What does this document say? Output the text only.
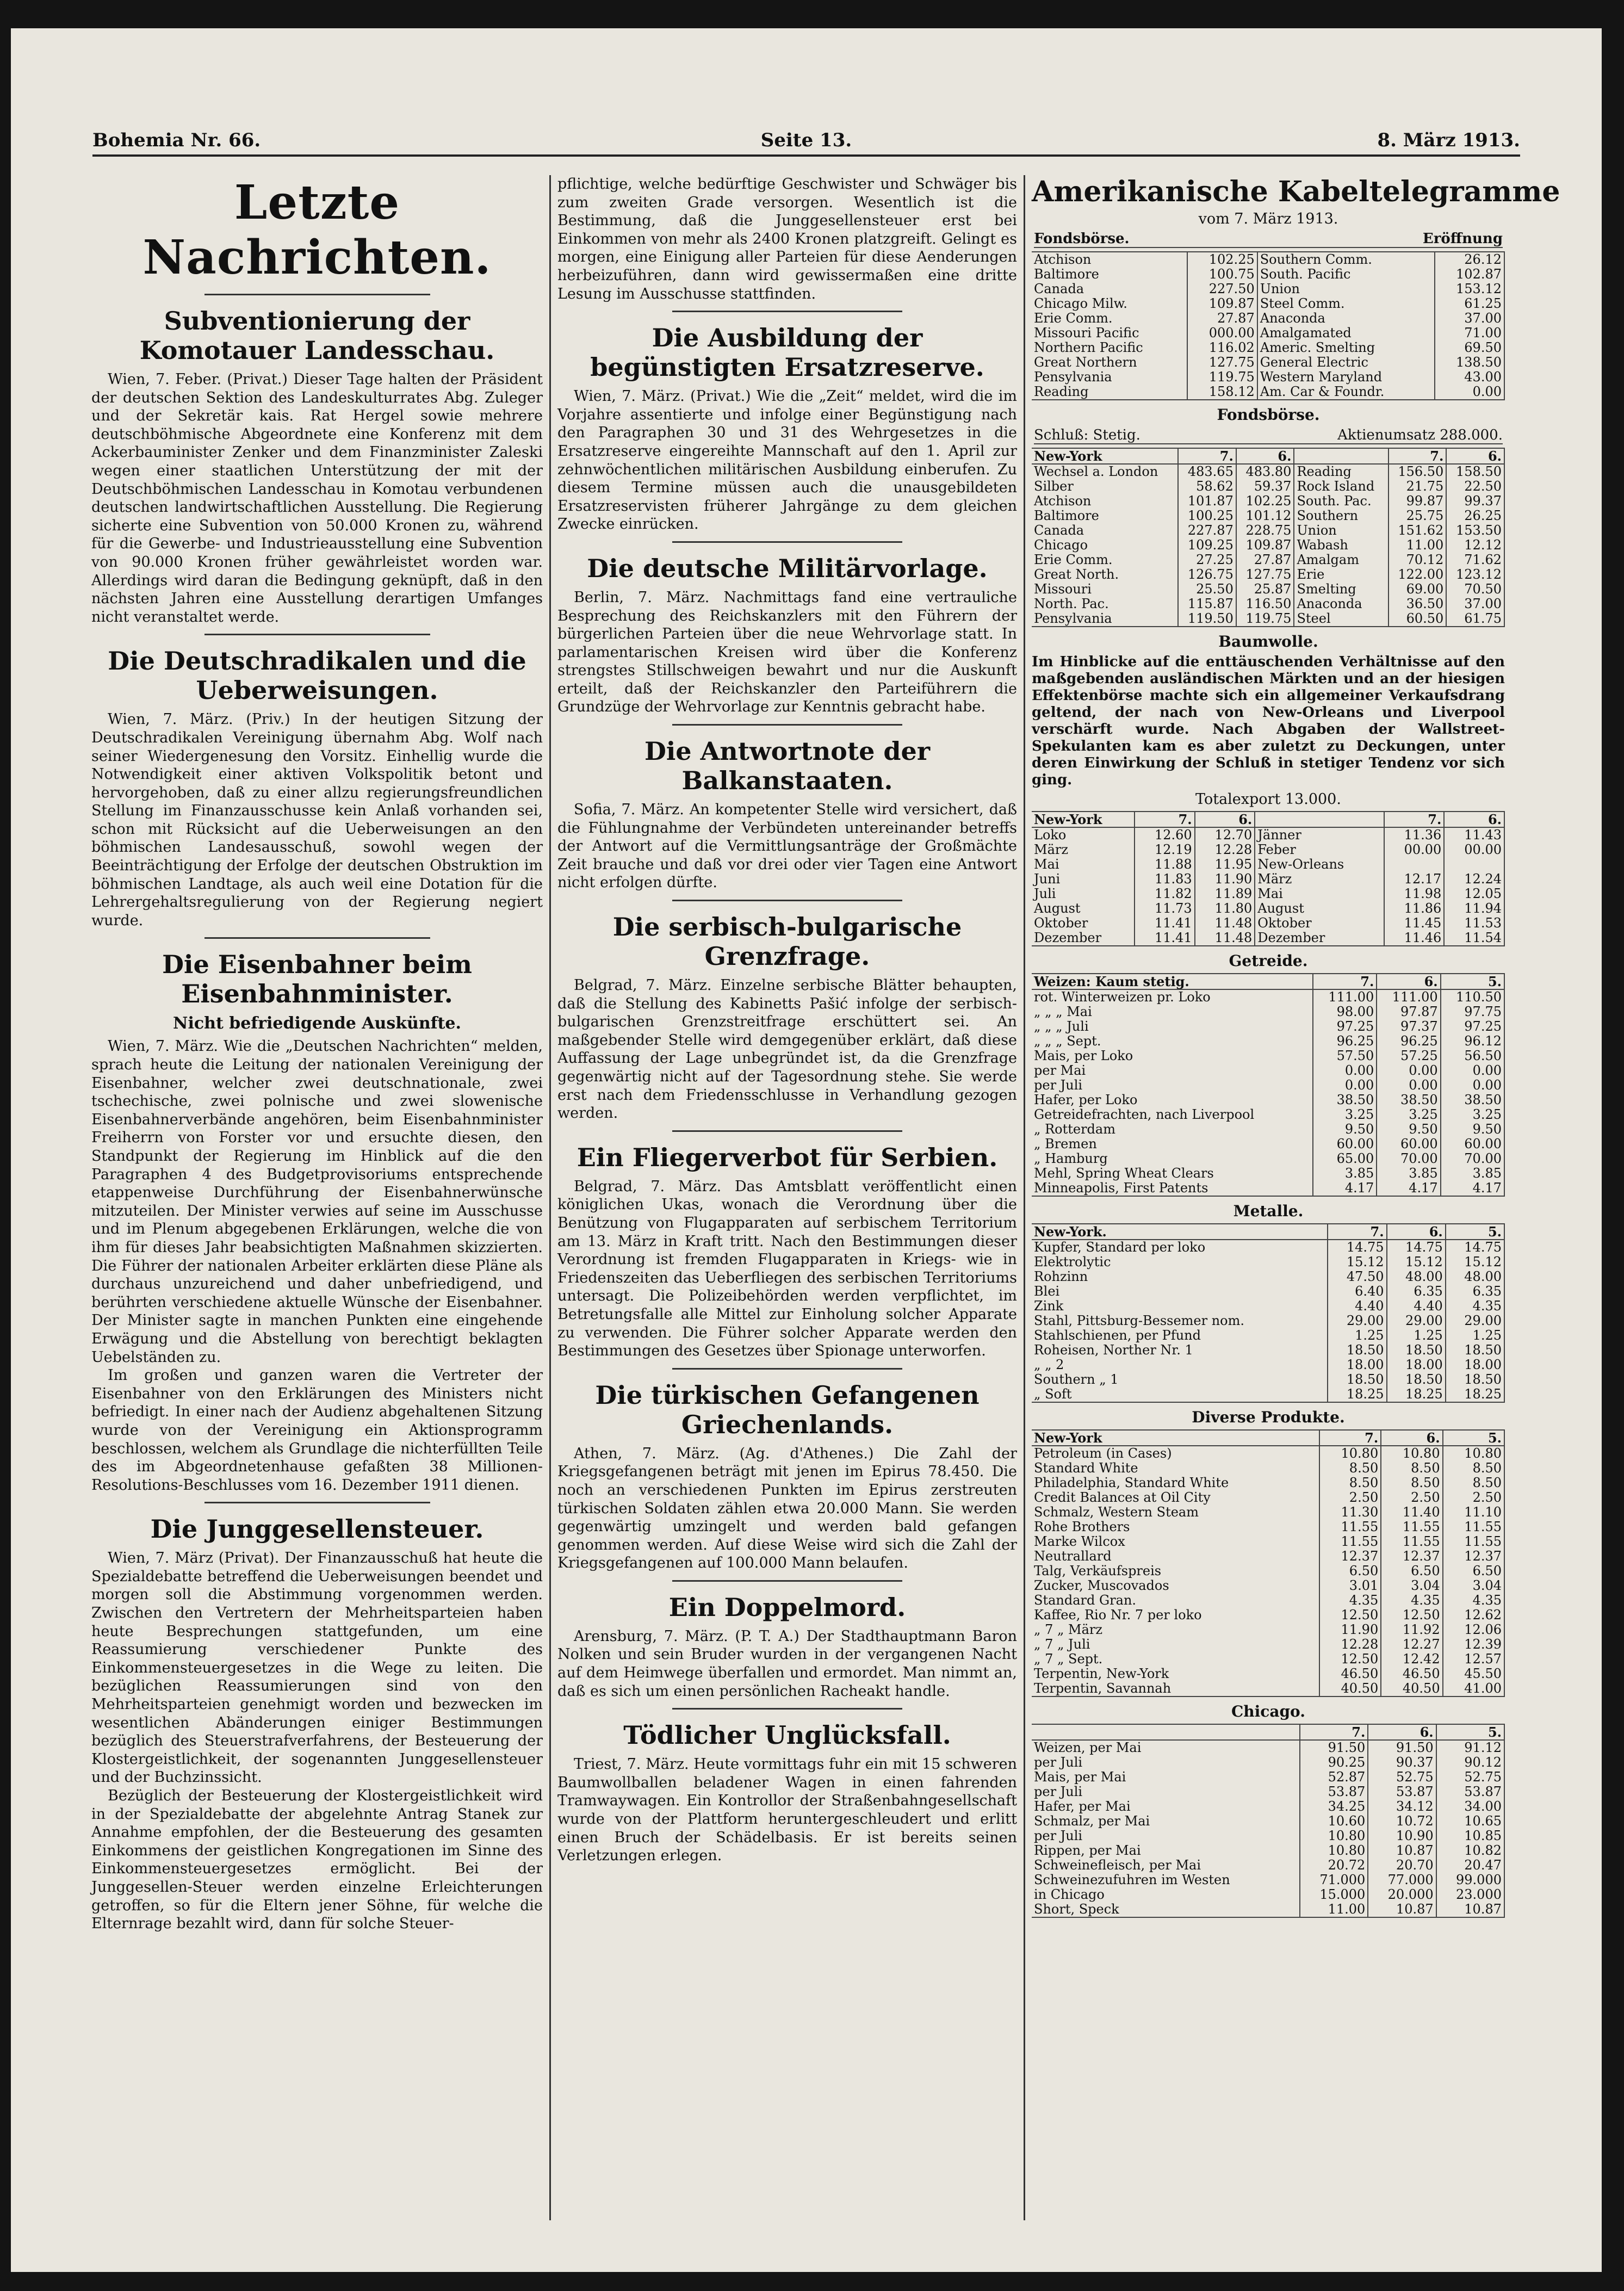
Bohemia Nr. 66.	Seite 13.	8. März 1913.
Letzte Nachrichten.
Subventionierung der Komotauer Landesschau.

Wien, 7. Feber. (Privat.) Dieser Tage halten der Präsident der deutschen Sektion des Landeskulturrates Abg. Zuleger und der Sekretär kais. Rat Hergel sowie mehrere deutschböhmische Abgeordnete eine Konferenz mit dem Ackerbauminister Zenker und dem Finanzminister Zaleski wegen einer staatlichen Unterstützung der mit der Deutschböhmischen Landesschau in Komotau verbundenen deutschen landwirtschaftlichen Ausstellung. Die Regierung sicherte eine Subvention von 50.000 Kronen zu, während für die Gewerbe- und Industrieausstellung eine Subvention von 90.000 Kronen früher gewährleistet worden war. Allerdings wird daran die Bedingung geknüpft, daß in den nächsten Jahren eine Ausstellung derartigen Umfanges nicht veranstaltet werde.

Die Deutschradikalen und die Ueberweisungen.

Wien, 7. März. (Priv.) In der heutigen Sitzung der Deutschradikalen Vereinigung übernahm Abg. Wolf nach seiner Wiedergenesung den Vorsitz. Einhellig wurde die Notwendigkeit einer aktiven Volkspolitik betont und hervorgehoben, daß zu einer allzu regierungsfreundlichen Stellung im Finanzausschusse kein Anlaß vorhanden sei, schon mit Rücksicht auf die Ueberweisungen an den böhmischen Landesausschuß, sowohl wegen der Beeinträchtigung der Erfolge der deutschen Obstruktion im böhmischen Landtage, als auch weil eine Dotation für die Lehrergehaltsregulierung von der Regierung negiert wurde.

Die Eisenbahner beim Eisenbahnminister.
Nicht befriedigende Auskünfte.

Wien, 7. März. Wie die „Deutschen Nachrichten“ melden, sprach heute die Leitung der nationalen Vereinigung der Eisenbahner, welcher zwei deutschnationale, zwei tschechische, zwei polnische und zwei slowenische Eisenbahnerverbände angehören, beim Eisenbahnminister Freiherrn von Forster vor und ersuchte diesen, den Standpunkt der Regierung im Hinblick auf die den Paragraphen 4 des Budgetprovisoriums entsprechende etappenweise Durchführung der Eisenbahnerwünsche mitzuteilen. Der Minister verwies auf seine im Ausschusse und im Plenum abgegebenen Erklärungen, welche die von ihm für dieses Jahr beabsichtigten Maßnahmen skizzierten. Die Führer der nationalen Arbeiter erklärten diese Pläne als durchaus unzureichend und daher unbefriedigend, und berührten verschiedene aktuelle Wünsche der Eisenbahner. Der Minister sagte in manchen Punkten eine eingehende Erwägung und die Abstellung von berechtigt beklagten Uebelständen zu.

Im großen und ganzen waren die Vertreter der Eisenbahner von den Erklärungen des Ministers nicht befriedigt. In einer nach der Audienz abgehaltenen Sitzung wurde von der Vereinigung ein Aktionsprogramm beschlossen, welchem als Grundlage die nichterfüllten Teile des im Abgeordnetenhause gefaßten 38 Millionen-Resolutions-Beschlusses vom 16. Dezember 1911 dienen.

Die Junggesellensteuer.

Wien, 7. März (Privat). Der Finanzausschuß hat heute die Spezialdebatte betreffend die Ueberweisungen beendet und morgen soll die Abstimmung vorgenommen werden. Zwischen den Vertretern der Mehrheitsparteien haben heute Besprechungen stattgefunden, um eine Reassumierung verschiedener Punkte des Einkommensteuergesetzes in die Wege zu leiten. Die bezüglichen Reassumierungen sind von den Mehrheitsparteien genehmigt worden und bezwecken im wesentlichen Abänderungen einiger Bestimmungen bezüglich des Steuerstrafverfahrens, der Besteuerung der Klostergeistlichkeit, der sogenannten Junggesellensteuer und der Buchzinssicht.

Bezüglich der Besteuerung der Klostergeistlichkeit wird in der Spezialdebatte der abgelehnte Antrag Stanek zur Annahme empfohlen, der die Besteuerung des gesamten Einkommens der geistlichen Kongregationen im Sinne des Einkommensteuergesetzes ermöglicht. Bei der Junggesellen-Steuer werden einzelne Erleichterungen getroffen, so für die Eltern jener Söhne, für welche die Elternrage bezahlt wird, dann für solche Steuer-

pflichtige, welche bedürftige Geschwister und Schwäger bis zum zweiten Grade versorgen. Wesentlich ist die Bestimmung, daß die Junggesellensteuer erst bei Einkommen von mehr als 2400 Kronen platzgreift. Gelingt es morgen, eine Einigung aller Parteien für diese Aenderungen herbeizuführen, dann wird gewissermaßen eine dritte Lesung im Ausschusse stattfinden.

Die Ausbildung der begünstigten Ersatzreserve.

Wien, 7. März. (Privat.) Wie die „Zeit“ meldet, wird die im Vorjahre assentierte und infolge einer Begünstigung nach den Paragraphen 30 und 31 des Wehrgesetzes in die Ersatzreserve eingereihte Mannschaft auf den 1. April zur zehnwöchentlichen militärischen Ausbildung einberufen. Zu diesem Termine müssen auch die unausgebildeten Ersatzreservisten früherer Jahrgänge zu dem gleichen Zwecke einrücken.

Die deutsche Militärvorlage.

Berlin, 7. März. Nachmittags fand eine vertrauliche Besprechung des Reichskanzlers mit den Führern der bürgerlichen Parteien über die neue Wehrvorlage statt. In parlamentarischen Kreisen wird über die Konferenz strengstes Stillschweigen bewahrt und nur die Auskunft erteilt, daß der Reichskanzler den Parteiführern die Grundzüge der Wehrvorlage zur Kenntnis gebracht habe.

Die Antwortnote der Balkanstaaten.

Sofia, 7. März. An kompetenter Stelle wird versichert, daß die Fühlungnahme der Verbündeten untereinander betreffs der Antwort auf die Vermittlungsanträge der Großmächte Zeit brauche und daß vor drei oder vier Tagen eine Antwort nicht erfolgen dürfte.

Die serbisch-bulgarische Grenzfrage.

Belgrad, 7. März. Einzelne serbische Blätter behaupten, daß die Stellung des Kabinetts Pašić infolge der serbisch-bulgarischen Grenzstreitfrage erschüttert sei. An maßgebender Stelle wird demgegenüber erklärt, daß diese Auffassung der Lage unbegründet ist, da die Grenzfrage gegenwärtig nicht auf der Tagesordnung stehe. Sie werde erst nach dem Friedensschlusse in Verhandlung gezogen werden.

Ein Fliegerverbot für Serbien.

Belgrad, 7. März. Das Amtsblatt veröffentlicht einen königlichen Ukas, wonach die Verordnung über die Benützung von Flugapparaten auf serbischem Territorium am 13. März in Kraft tritt. Nach den Bestimmungen dieser Verordnung ist fremden Flugapparaten in Kriegs- wie in Friedenszeiten das Ueberfliegen des serbischen Territoriums untersagt. Die Polizeibehörden werden verpflichtet, im Betretungsfalle alle Mittel zur Einholung solcher Apparate zu verwenden. Die Führer solcher Apparate werden den Bestimmungen des Gesetzes über Spionage unterworfen.

Die türkischen Gefangenen Griechenlands.

Athen, 7. März. (Ag. d'Athenes.) Die Zahl der Kriegsgefangenen beträgt mit jenen im Epirus 78.450. Die noch an verschiedenen Punkten im Epirus zerstreuten türkischen Soldaten zählen etwa 20.000 Mann. Sie werden gegenwärtig umzingelt und werden bald gefangen genommen werden. Auf diese Weise wird sich die Zahl der Kriegsgefangenen auf 100.000 Mann belaufen.

Ein Doppelmord.

Arensburg, 7. März. (P. T. A.) Der Stadthauptmann Baron Nolken und sein Bruder wurden in der vergangenen Nacht auf dem Heimwege überfallen und ermordet. Man nimmt an, daß es sich um einen persönlichen Racheakt handle.

Tödlicher Unglücksfall.

Triest, 7. März. Heute vormittags fuhr ein mit 15 schweren Baumwollballen beladener Wagen in einen fahrenden Tramwaywagen. Ein Kontrollor der Straßenbahngesellschaft wurde von der Plattform heruntergeschleudert und erlitt einen Bruch der Schädelbasis. Er ist bereits seinen Verletzungen erlegen.

Amerikanische Kabeltelegramme
vom 7. März 1913.
Fondsbörse.	Eröffnung
Atchison	102.25	Southern Comm.	26.12
Baltimore	100.75	South. Pacific	102.87
Canada	227.50	Union	153.12
Chicago Milw.	109.87	Steel Comm.	61.25
Erie Comm.	27.87	Anaconda	37.00
Missouri Pacific	000.00	Amalgamated	71.00
Northern Pacific	116.02	Americ. Smelting	69.50
Great Northern	127.75	General Electric	138.50
Pensylvania	119.75	Western Maryland	43.00
Reading	158.12	Am. Car & Foundr.	0.00
Fondsbörse.
Schluß: Stetig.	Aktienumsatz 288.000.
New-York	7.	6.		7.	6.
Wechsel a. London	483.65	483.80	Reading	156.50	158.50
Silber	58.62	59.37	Rock Island	21.75	22.50
Atchison	101.87	102.25	South. Pac.	99.87	99.37
Baltimore	100.25	101.12	Southern	25.75	26.25
Canada	227.87	228.75	Union	151.62	153.50
Chicago	109.25	109.87	Wabash	11.00	12.12
Erie Comm.	27.25	27.87	Amalgam	70.12	71.62
Great North.	126.75	127.75	Erie	122.00	123.12
Missouri	25.50	25.87	Smelting	69.00	70.50
North. Pac.	115.87	116.50	Anaconda	36.50	37.00
Pensylvania	119.50	119.75	Steel	60.50	61.75
Baumwolle.
Im Hinblicke auf die enttäuschenden Verhältnisse auf den maßgebenden ausländischen Märkten und an der hiesigen Effektenbörse machte sich ein allgemeiner Verkaufsdrang geltend, der nach von New-Orleans und Liverpool verschärft wurde. Nach Abgaben der Wallstreet-Spekulanten kam es aber zuletzt zu Deckungen, unter deren Einwirkung der Schluß in stetiger Tendenz vor sich ging.
Totalexport 13.000.
New-York	7.	6.		7.	6.
Loko	12.60	12.70	Jänner	11.36	11.43
März	12.19	12.28	Feber	00.00	00.00
Mai	11.88	11.95	New-Orleans		
Juni	11.83	11.90	März	12.17	12.24
Juli	11.82	11.89	Mai	11.98	12.05
August	11.73	11.80	August	11.86	11.94
Oktober	11.41	11.48	Oktober	11.45	11.53
Dezember	11.41	11.48	Dezember	11.46	11.54
Getreide.
Weizen: Kaum stetig.	7.	6.	5.
rot. Winterweizen pr. Loko	111.00	111.00	110.50
„ „ „ Mai	98.00	97.87	97.75
„ „ „ Juli	97.25	97.37	97.25
„ „ „ Sept.	96.25	96.25	96.12
Mais, per Loko	57.50	57.25	56.50
per Mai	0.00	0.00	0.00
per Juli	0.00	0.00	0.00
Hafer, per Loko	38.50	38.50	38.50
Getreidefrachten, nach Liverpool	3.25	3.25	3.25
„ Rotterdam	9.50	9.50	9.50
„ Bremen	60.00	60.00	60.00
„ Hamburg	65.00	70.00	70.00
Mehl, Spring Wheat Clears	3.85	3.85	3.85
Minneapolis, First Patents	4.17	4.17	4.17
Metalle.
New-York.	7.	6.	5.
Kupfer, Standard per loko	14.75	14.75	14.75
Elektrolytic	15.12	15.12	15.12
Rohzinn	47.50	48.00	48.00
Blei	6.40	6.35	6.35
Zink	4.40	4.40	4.35
Stahl, Pittsburg-Bessemer nom.	29.00	29.00	29.00
Stahlschienen, per Pfund	1.25	1.25	1.25
Roheisen, Norther Nr. 1	18.50	18.50	18.50
„ „ 2	18.00	18.00	18.00
Southern „ 1	18.50	18.50	18.50
„ Soft	18.25	18.25	18.25
Diverse Produkte.
New-York	7.	6.	5.
Petroleum (in Cases)	10.80	10.80	10.80
Standard White	8.50	8.50	8.50
Philadelphia, Standard White	8.50	8.50	8.50
Credit Balances at Oil City	2.50	2.50	2.50
Schmalz, Western Steam	11.30	11.40	11.10
Rohe Brothers	11.55	11.55	11.55
Marke Wilcox	11.55	11.55	11.55
Neutrallard	12.37	12.37	12.37
Talg, Verkäufspreis	6.50	6.50	6.50
Zucker, Muscovados	3.01	3.04	3.04
Standard Gran.	4.35	4.35	4.35
Kaffee, Rio Nr. 7 per loko	12.50	12.50	12.62
„ 7 „ März	11.90	11.92	12.06
„ 7 „ Juli	12.28	12.27	12.39
„ 7 „ Sept.	12.50	12.42	12.57
Terpentin, New-York	46.50	46.50	45.50
Terpentin, Savannah	40.50	40.50	41.00
Chicago.
	7.	6.	5.
Weizen, per Mai	91.50	91.50	91.12
per Juli	90.25	90.37	90.12
Mais, per Mai	52.87	52.75	52.75
per Juli	53.87	53.87	53.87
Hafer, per Mai	34.25	34.12	34.00
Schmalz, per Mai	10.60	10.72	10.65
per Juli	10.80	10.90	10.85
Rippen, per Mai	10.80	10.87	10.82
Schweinefleisch, per Mai	20.72	20.70	20.47
Schweinezufuhren im Westen	71.000	77.000	99.000
in Chicago	15.000	20.000	23.000
Short, Speck	11.00	10.87	10.87
